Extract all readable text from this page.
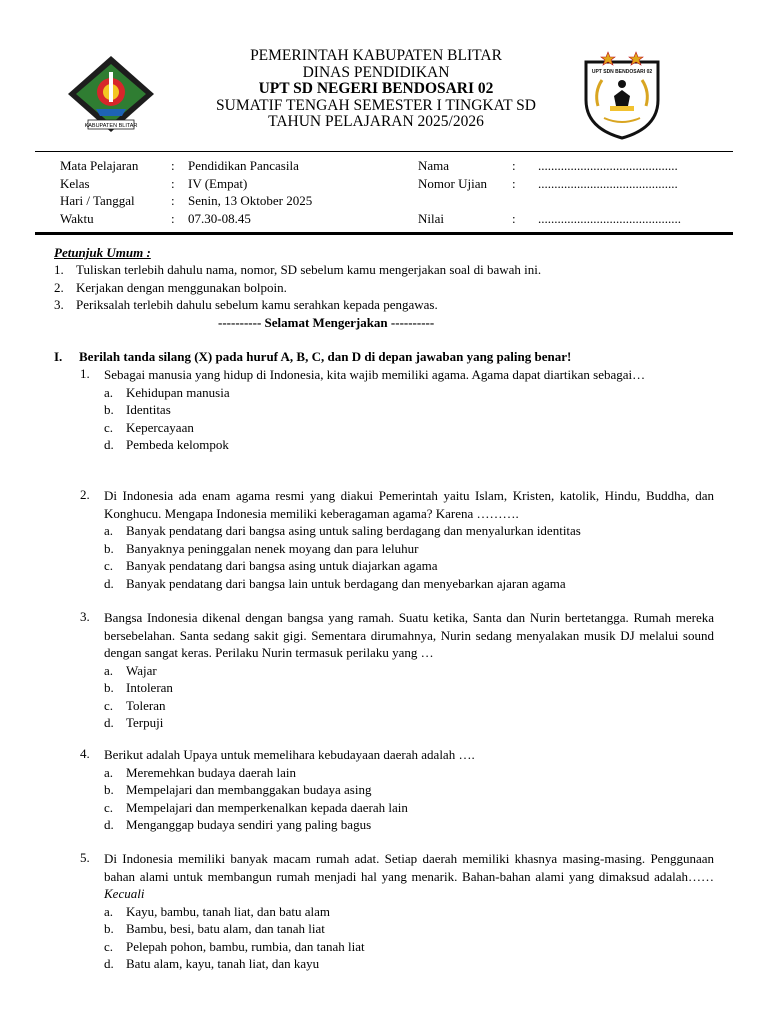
KABUPATEN BLITAR
PEMERINTAH KABUPATEN BLITAR
DINAS PENDIDIKAN
UPT SD NEGERI BENDOSARI 02
SUMATIF TENGAH SEMESTER I TINGKAT SD
TAHUN PELAJARAN 2025/2026
UPT SDN BENDOSARI 02
Mata Pelajaran	: Pendidikan Pancasila	Nama	: ...........................................
Kelas	: IV (Empat)	Nomor Ujian : ...........................................
Hari / Tanggal	: Senin, 13 Oktober 2025
Waktu	: 07.30-08.45	Nilai	: ............................................
Petunjuk Umum :
1. Tuliskan terlebih dahulu nama, nomor, SD sebelum kamu mengerjakan soal di bawah ini.
2. Kerjakan dengan menggunakan bolpoin.
3. Periksalah terlebih dahulu sebelum kamu serahkan kepada pengawas.
---------- Selamat Mengerjakan ----------
I. Berilah tanda silang (X) pada huruf A, B, C, dan D di depan jawaban yang paling benar!
1. Sebagai manusia yang hidup di Indonesia, kita wajib memiliki agama. Agama dapat diartikan sebagai…
a. Kehidupan manusia
b. Identitas
c. Kepercayaan
d. Pembeda kelompok
2. Di Indonesia ada enam agama resmi yang diakui Pemerintah yaitu Islam, Kristen, katolik, Hindu, Buddha, dan Konghucu. Mengapa Indonesia memiliki keberagaman agama? Karena ……….
a. Banyak pendatang dari bangsa asing untuk saling berdagang dan menyalurkan identitas
b. Banyaknya peninggalan nenek moyang dan para leluhur
c. Banyak pendatang dari bangsa asing untuk diajarkan agama
d. Banyak pendatang dari bangsa lain untuk berdagang dan menyebarkan ajaran agama
3. Bangsa Indonesia dikenal dengan bangsa yang ramah. Suatu ketika, Santa dan Nurin bertetangga. Rumah mereka bersebelahan. Santa sedang sakit gigi. Sementara dirumahnya, Nurin sedang menyalakan musik DJ melalui sound dengan sangat keras. Perilaku Nurin termasuk perilaku yang …
a. Wajar
b. Intoleran
c. Toleran
d. Terpuji
4. Berikut adalah Upaya untuk memelihara kebudayaan daerah adalah ….
a. Meremehkan budaya daerah lain
b. Mempelajari dan membanggakan budaya asing
c. Mempelajari dan memperkenalkan kepada daerah lain
d. Menganggap budaya sendiri yang paling bagus
5. Di Indonesia memiliki banyak macam rumah adat. Setiap daerah memiliki khasnya masing-masing. Penggunaan bahan alami untuk membangun rumah menjadi hal yang menarik. Bahan-bahan alami yang dimaksud adalah…… Kecuali
a. Kayu, bambu, tanah liat, dan batu alam
b. Bambu, besi, batu alam, dan tanah liat
c. Pelepah pohon, bambu, rumbia, dan tanah liat
d. Batu alam, kayu, tanah liat, dan kayu
